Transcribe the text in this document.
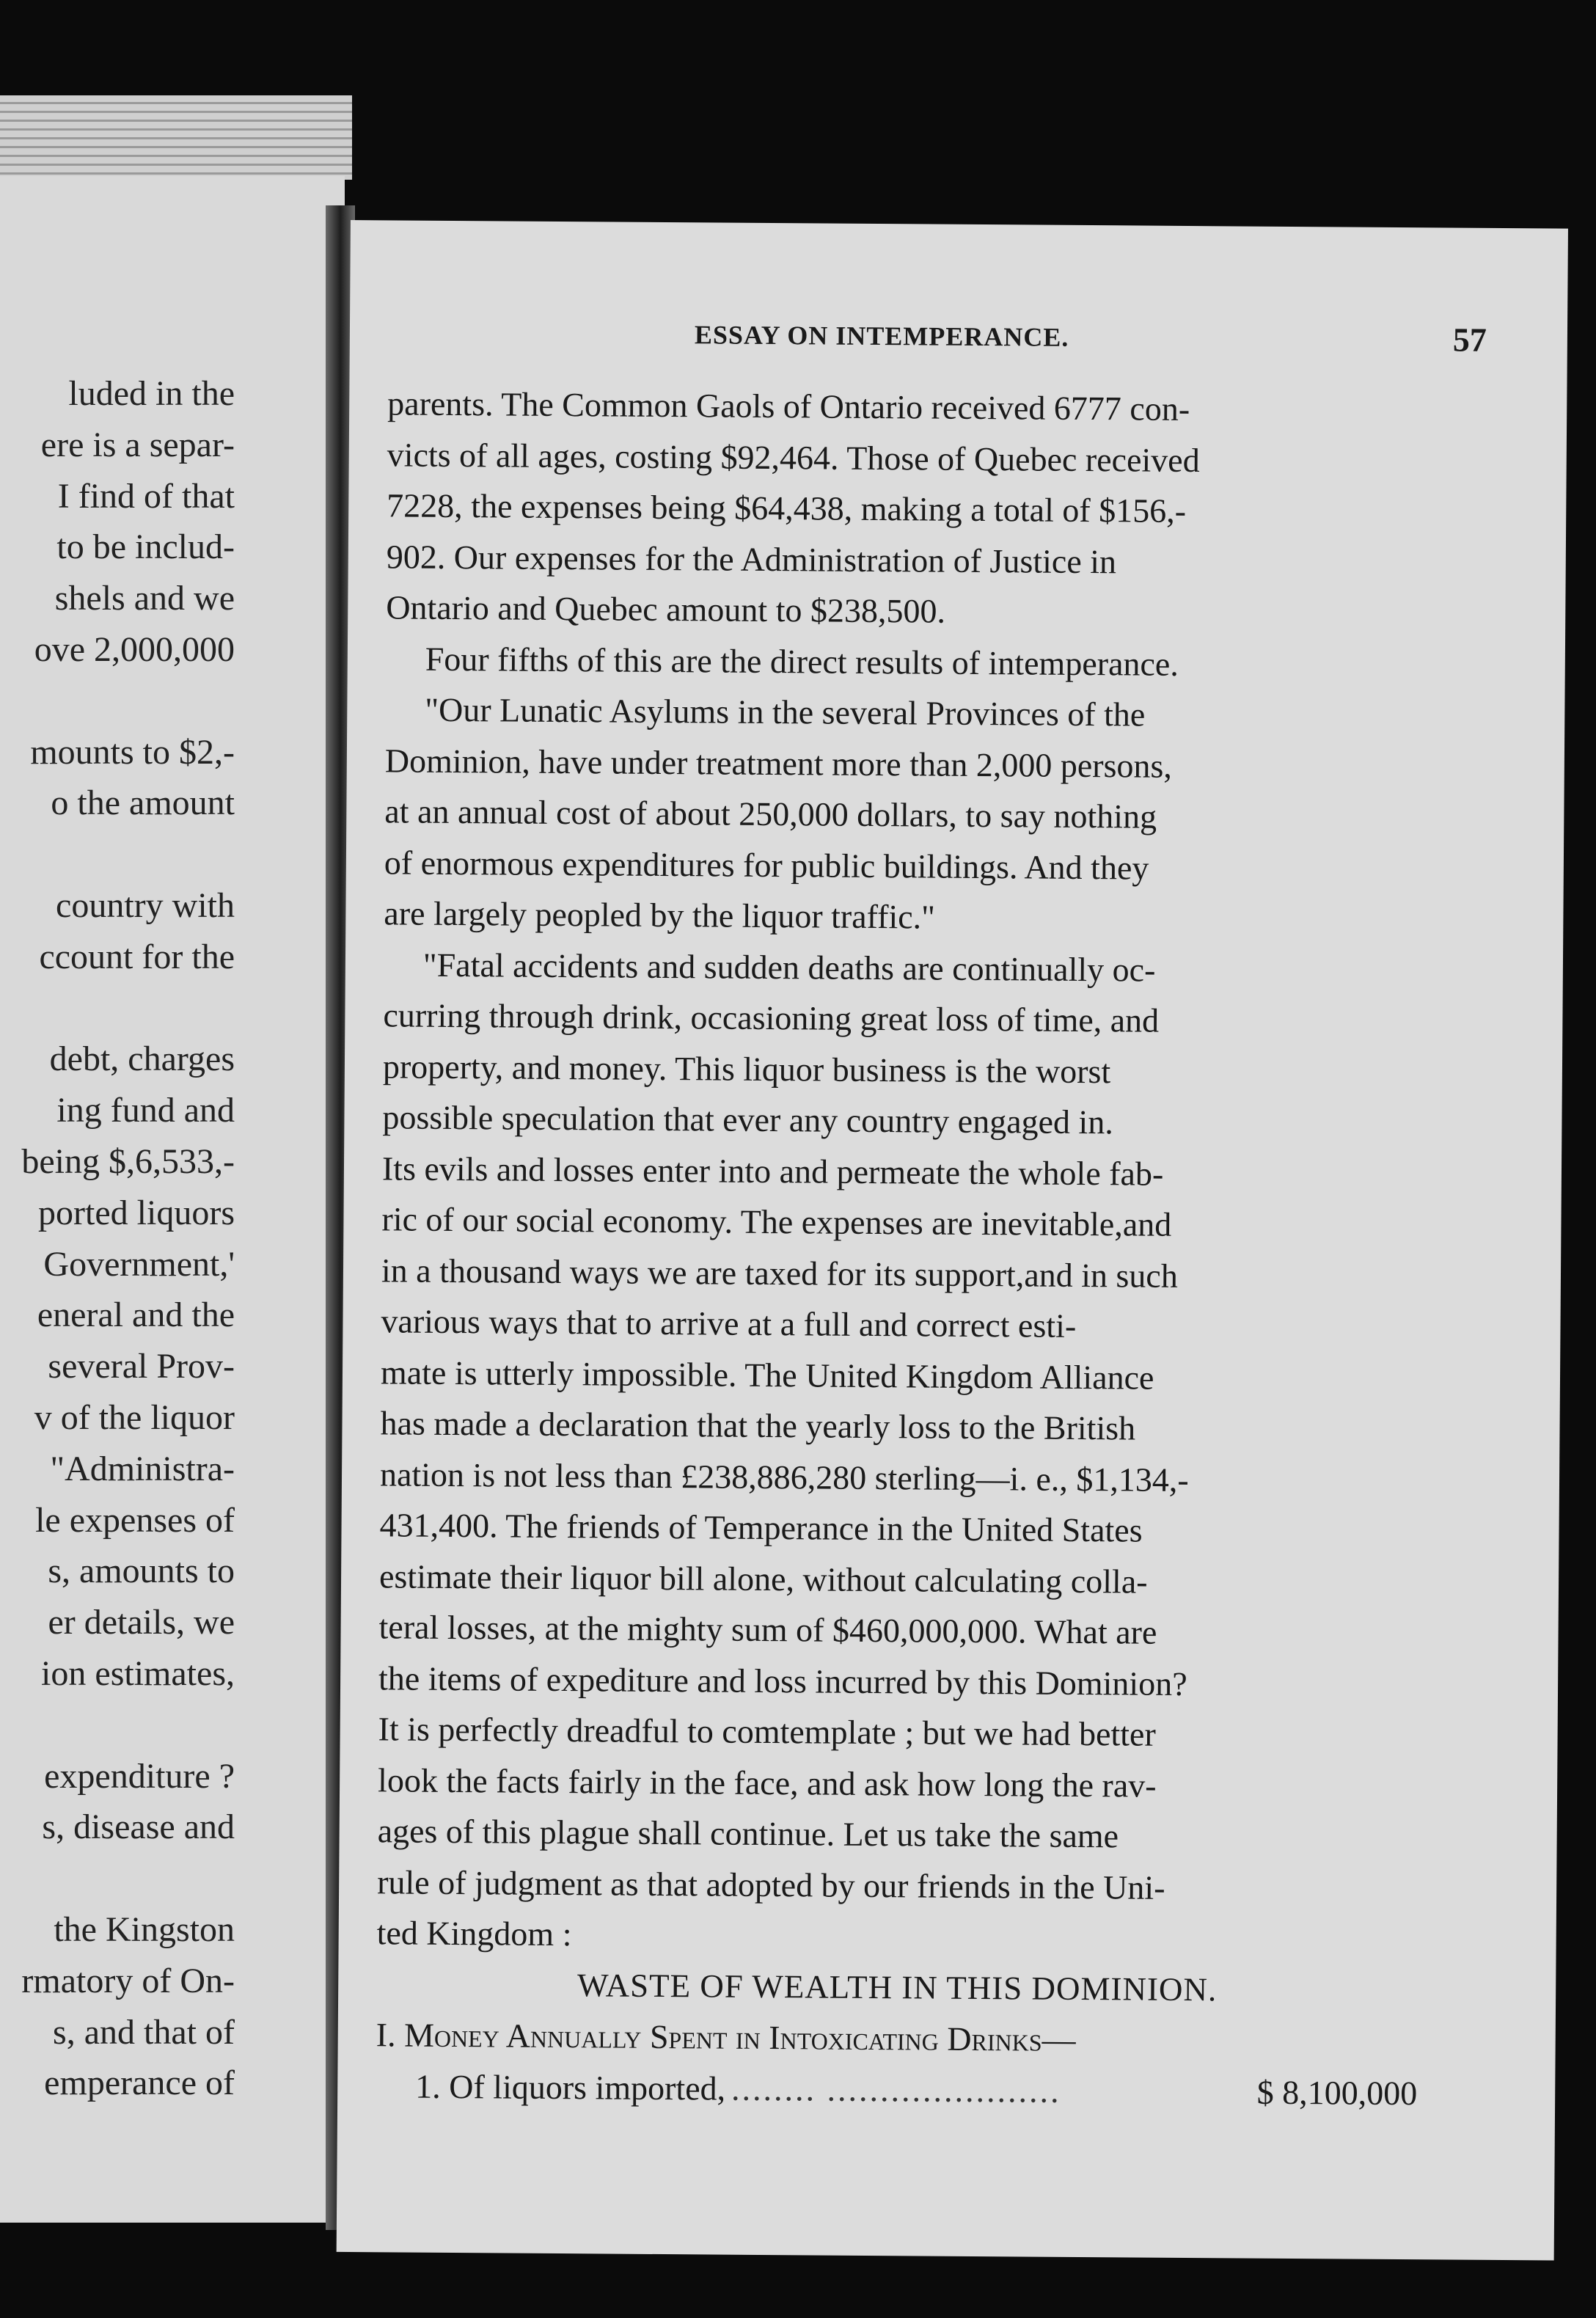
luded in the
ere is a separ-
I find of that
to be includ-
shels and we
ove 2,000,000
mounts to $2,-
o the amount
country with
ccount for the
debt, charges
ing fund and
being $,6,533,-
ported liquors
Government,'
eneral and the
several Prov-
v of the liquor
"Administra-
le expenses of
s, amounts to
er details, we
ion estimates,
expenditure ?
s, disease and
the Kingston
rmatory of On-
s, and that of
emperance of
ESSAY ON INTEMPERANCE.	57
parents. The Common Gaols of Ontario received 6777 con-
victs of all ages, costing $92,464. Those of Quebec received
7228, the expenses being $64,438, making a total of $156,-
902. Our expenses for the Administration of Justice in
Ontario and Quebec amount to $238,500.
Four fifths of this are the direct results of intemperance.
"Our Lunatic Asylums in the several Provinces of the
Dominion, have under treatment more than 2,000 persons,
at an annual cost of about 250,000 dollars, to say nothing
of enormous expenditures for public buildings. And they
are largely peopled by the liquor traffic."
"Fatal accidents and sudden deaths are continually oc-
curring through drink, occasioning great loss of time, and
property, and money. This liquor business is the worst
possible speculation that ever any country engaged in.
Its evils and losses enter into and permeate the whole fab-
ric of our social economy. The expenses are inevitable,and
in a thousand ways we are taxed for its support,and in such
various ways that to arrive at a full and correct esti-
mate is utterly impossible. The United Kingdom Alliance
has made a declaration that the yearly loss to the British
nation is not less than £238,886,280 sterling—i. e., $1,134,-
431,400. The friends of Temperance in the United States
estimate their liquor bill alone, without calculating colla-
teral losses, at the mighty sum of $460,000,000. What are
the items of expediture and loss incurred by this Dominion?
It is perfectly dreadful to comtemplate ; but we had better
look the facts fairly in the face, and ask how long the rav-
ages of this plague shall continue. Let us take the same
rule of judgment as that adopted by our friends in the Uni-
ted Kingdom :
WASTE OF WEALTH IN THIS DOMINION.
I. Money Annually Spent in Intoxicating Drinks—
1. Of liquors imported, ........ ......................	$ 8,100,000
